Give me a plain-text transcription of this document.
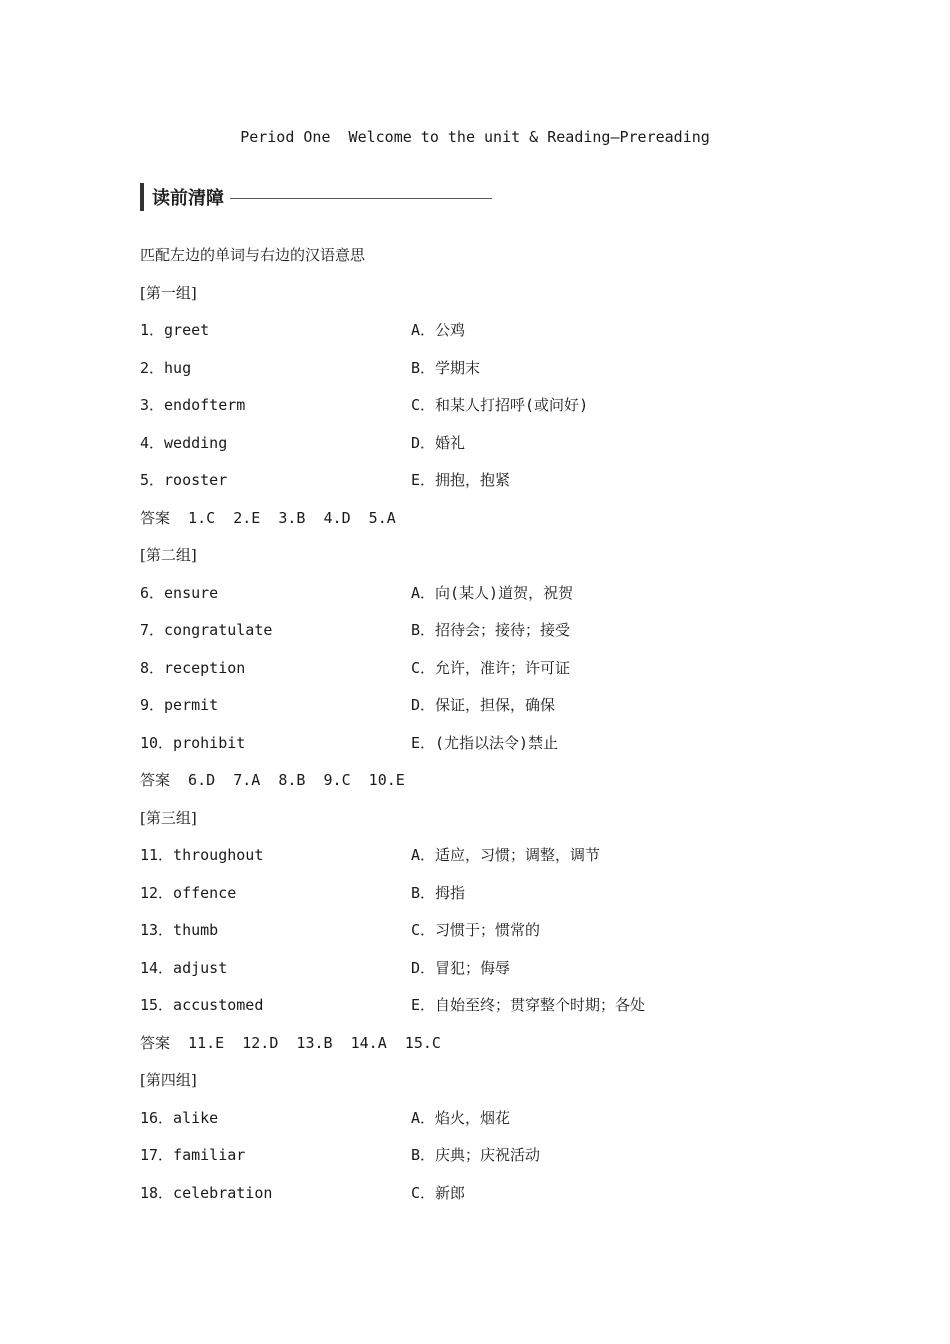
Period One  Welcome to the unit & Reading—Prereading
读前清障
匹配左边的单词与右边的汉语意思
[第一组]
1．greet	A．公鸡
2．hug	B．学期末
3．endofterm	C．和某人打招呼(或问好)
4．wedding	D．婚礼
5．rooster	E．拥抱，抱紧
答案  1.C  2.E  3.B  4.D  5.A
[第二组]
6．ensure	A．向(某人)道贺，祝贺
7．congratulate	B．招待会；接待；接受
8．reception	C．允许，准许；许可证
9．permit	D．保证，担保，确保
10．prohibit	E．(尤指以法令)禁止
答案  6.D  7.A  8.B  9.C  10.E
[第三组]
11．throughout	A．适应，习惯；调整，调节
12．offence	B．拇指
13．thumb	C．习惯于；惯常的
14．adjust	D．冒犯；侮辱
15．accustomed	E．自始至终；贯穿整个时期；各处
答案  11.E  12.D  13.B  14.A  15.C
[第四组]
16．alike	A．焰火，烟花
17．familiar	B．庆典；庆祝活动
18．celebration	C．新郎
